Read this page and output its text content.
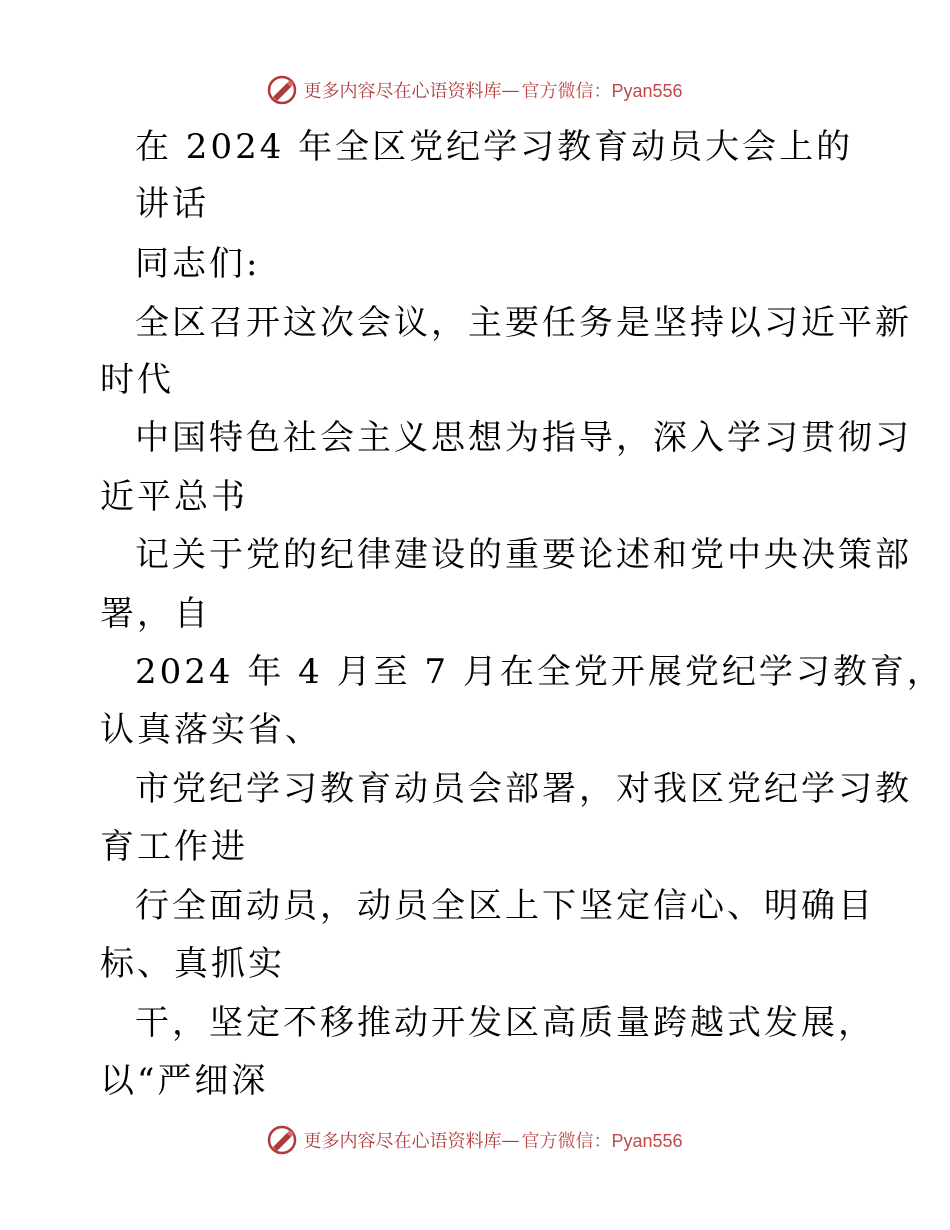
更多内容尽在心语资料库 — 官方微信：Pyan556
在 2024 年全区党纪学习教育动员大会上的
讲话
同志们:
全区召开这次会议，主要任务是坚持以习近平新
时代
中国特色社会主义思想为指导，深入学习贯彻习
近平总书
记关于党的纪律建设的重要论述和党中央决策部
署，自
2024 年 4 月至 7 月在全党开展党纪学习教育，
认真落实省、
市党纪学习教育动员会部署，对我区党纪学习教
育工作进
行全面动员，动员全区上下坚定信心、明确目
标、真抓实
干，坚定不移推动开发区高质量跨越式发展，
以“严细深
更多内容尽在心语资料库 — 官方微信：Pyan556
